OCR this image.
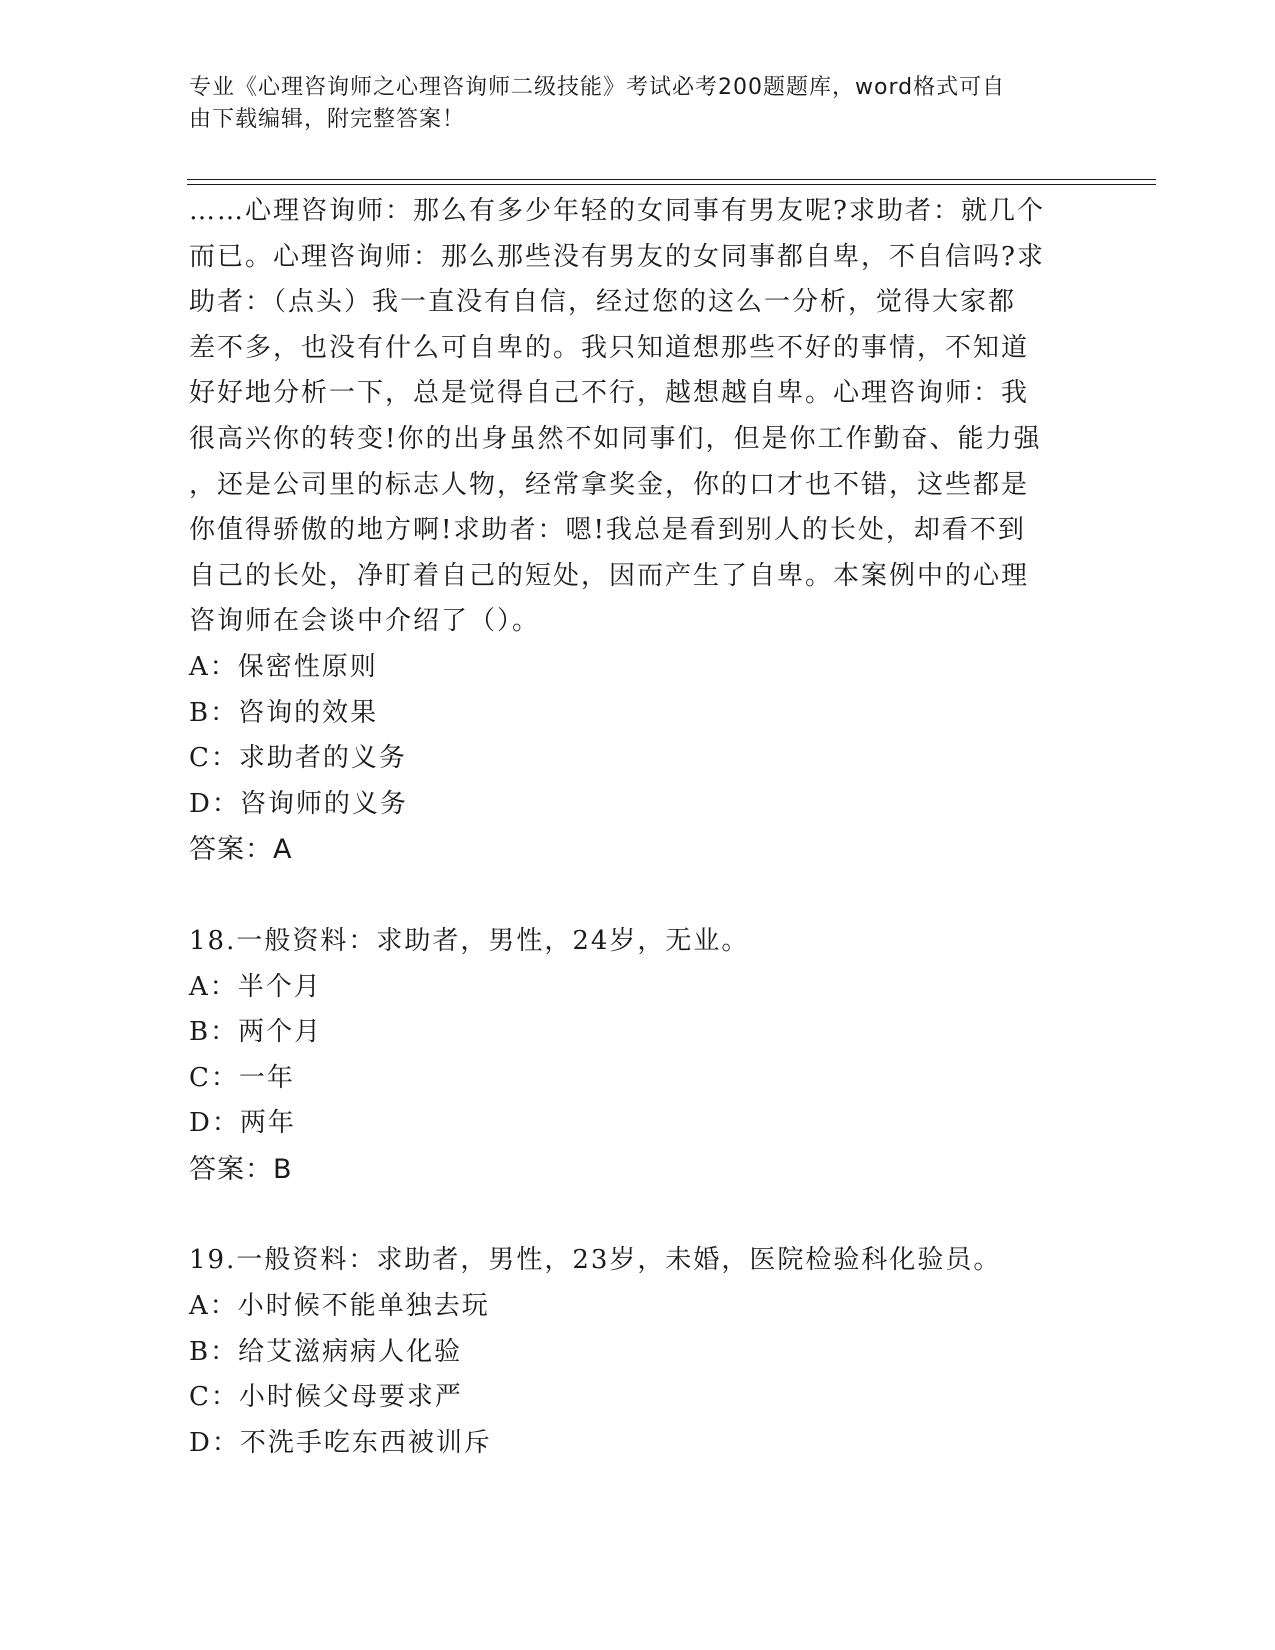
专业《心理咨询师之心理咨询师二级技能》考试必考200题题库，word格式可自
由下载编辑，附完整答案！
……心理咨询师：那么有多少年轻的女同事有男友呢?求助者：就几个
而已。心理咨询师：那么那些没有男友的女同事都自卑，不自信吗?求
助者：（点头）我一直没有自信，经过您的这么一分析，觉得大家都
差不多，也没有什么可自卑的。我只知道想那些不好的事情，不知道
好好地分析一下，总是觉得自己不行，越想越自卑。心理咨询师：我
很高兴你的转变!你的出身虽然不如同事们，但是你工作勤奋、能力强
，还是公司里的标志人物，经常拿奖金，你的口才也不错，这些都是
你值得骄傲的地方啊!求助者：嗯!我总是看到别人的长处，却看不到
自己的长处，净盯着自己的短处，因而产生了自卑。本案例中的心理
咨询师在会谈中介绍了（）。
A：保密性原则
B：咨询的效果
C：求助者的义务
D：咨询师的义务
答案：A
18.一般资料：求助者，男性，24岁，无业。
A：半个月
B：两个月
C：一年
D：两年
答案：B
19.一般资料：求助者，男性，23岁，未婚，医院检验科化验员。
A：小时候不能单独去玩
B：给艾滋病病人化验
C：小时候父母要求严
D：不洗手吃东西被训斥
